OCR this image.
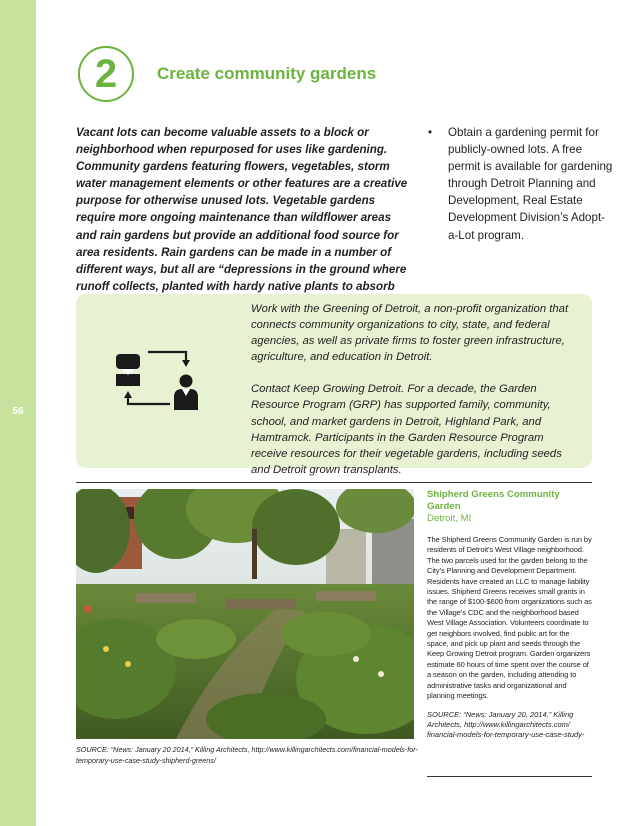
56
2	Create community gardens
Vacant lots can become valuable assets to a block or neighborhood when repurposed for uses like gardening. Community gardens featuring flowers, vegetables, storm water management elements or other features are a creative purpose for otherwise unused lots. Vegetable gardens require more ongoing maintenance than wildflower areas and rain gardens but provide an additional food source for area residents. Rain gardens can be made in a number of different ways, but all are “depressions in the ground where runoff collects, planted with hardy native plants to absorb
•	Obtain a gardening permit for publicly-owned lots. A free permit is available for gardening through Detroit Planning and Development, Real Estate Development Division’s Adopt-a-Lot program.

Work with the Greening of Detroit, a non-profit organization that connects community organizations to city, state, and federal agencies, as well as private firms to foster green infrastructure, agriculture, and education in Detroit.

Contact Keep Growing Detroit. For a decade, the Garden Resource Program (GRP) has supported family, community, school, and market gardens in Detroit, Highland Park, and Hamtramck. Participants in the Garden Resource Program receive resources for their vegetable gardens, including seeds and Detroit grown transplants.

SOURCE: “News: January 20 2014,” Killing Architects, http://www.killingarchitects.com/financial-models-for-temporary-use-case-study-shipherd-greens/
Shipherd Greens Community Garden
Detroit, MI

The Shipherd Greens Community Garden is run by residents of Detroit’s West Village neighborhood. The two parcels used for the garden belong to the City’s Planning and Development Department. Residents have created an LLC to manage liability issues. Shipherd Greens receives small grants in the range of $100-$600 from organizations such as the Village’s CDC and the neighborhood based West Village Association. Volunteers coordinate to get neighbors involved, find public art for the space, and pick up plant and seeds through the Keep Growing Detroit program. Garden organizers estimate 60 hours of time spent over the course of a season on the garden, including attending to administrative tasks and organizational and planning meetings.

SOURCE: “News: January 20, 2014,” Killing Architects, http://www.killingarchitects.com/ financial-models-for-temporary-use-case-study-
